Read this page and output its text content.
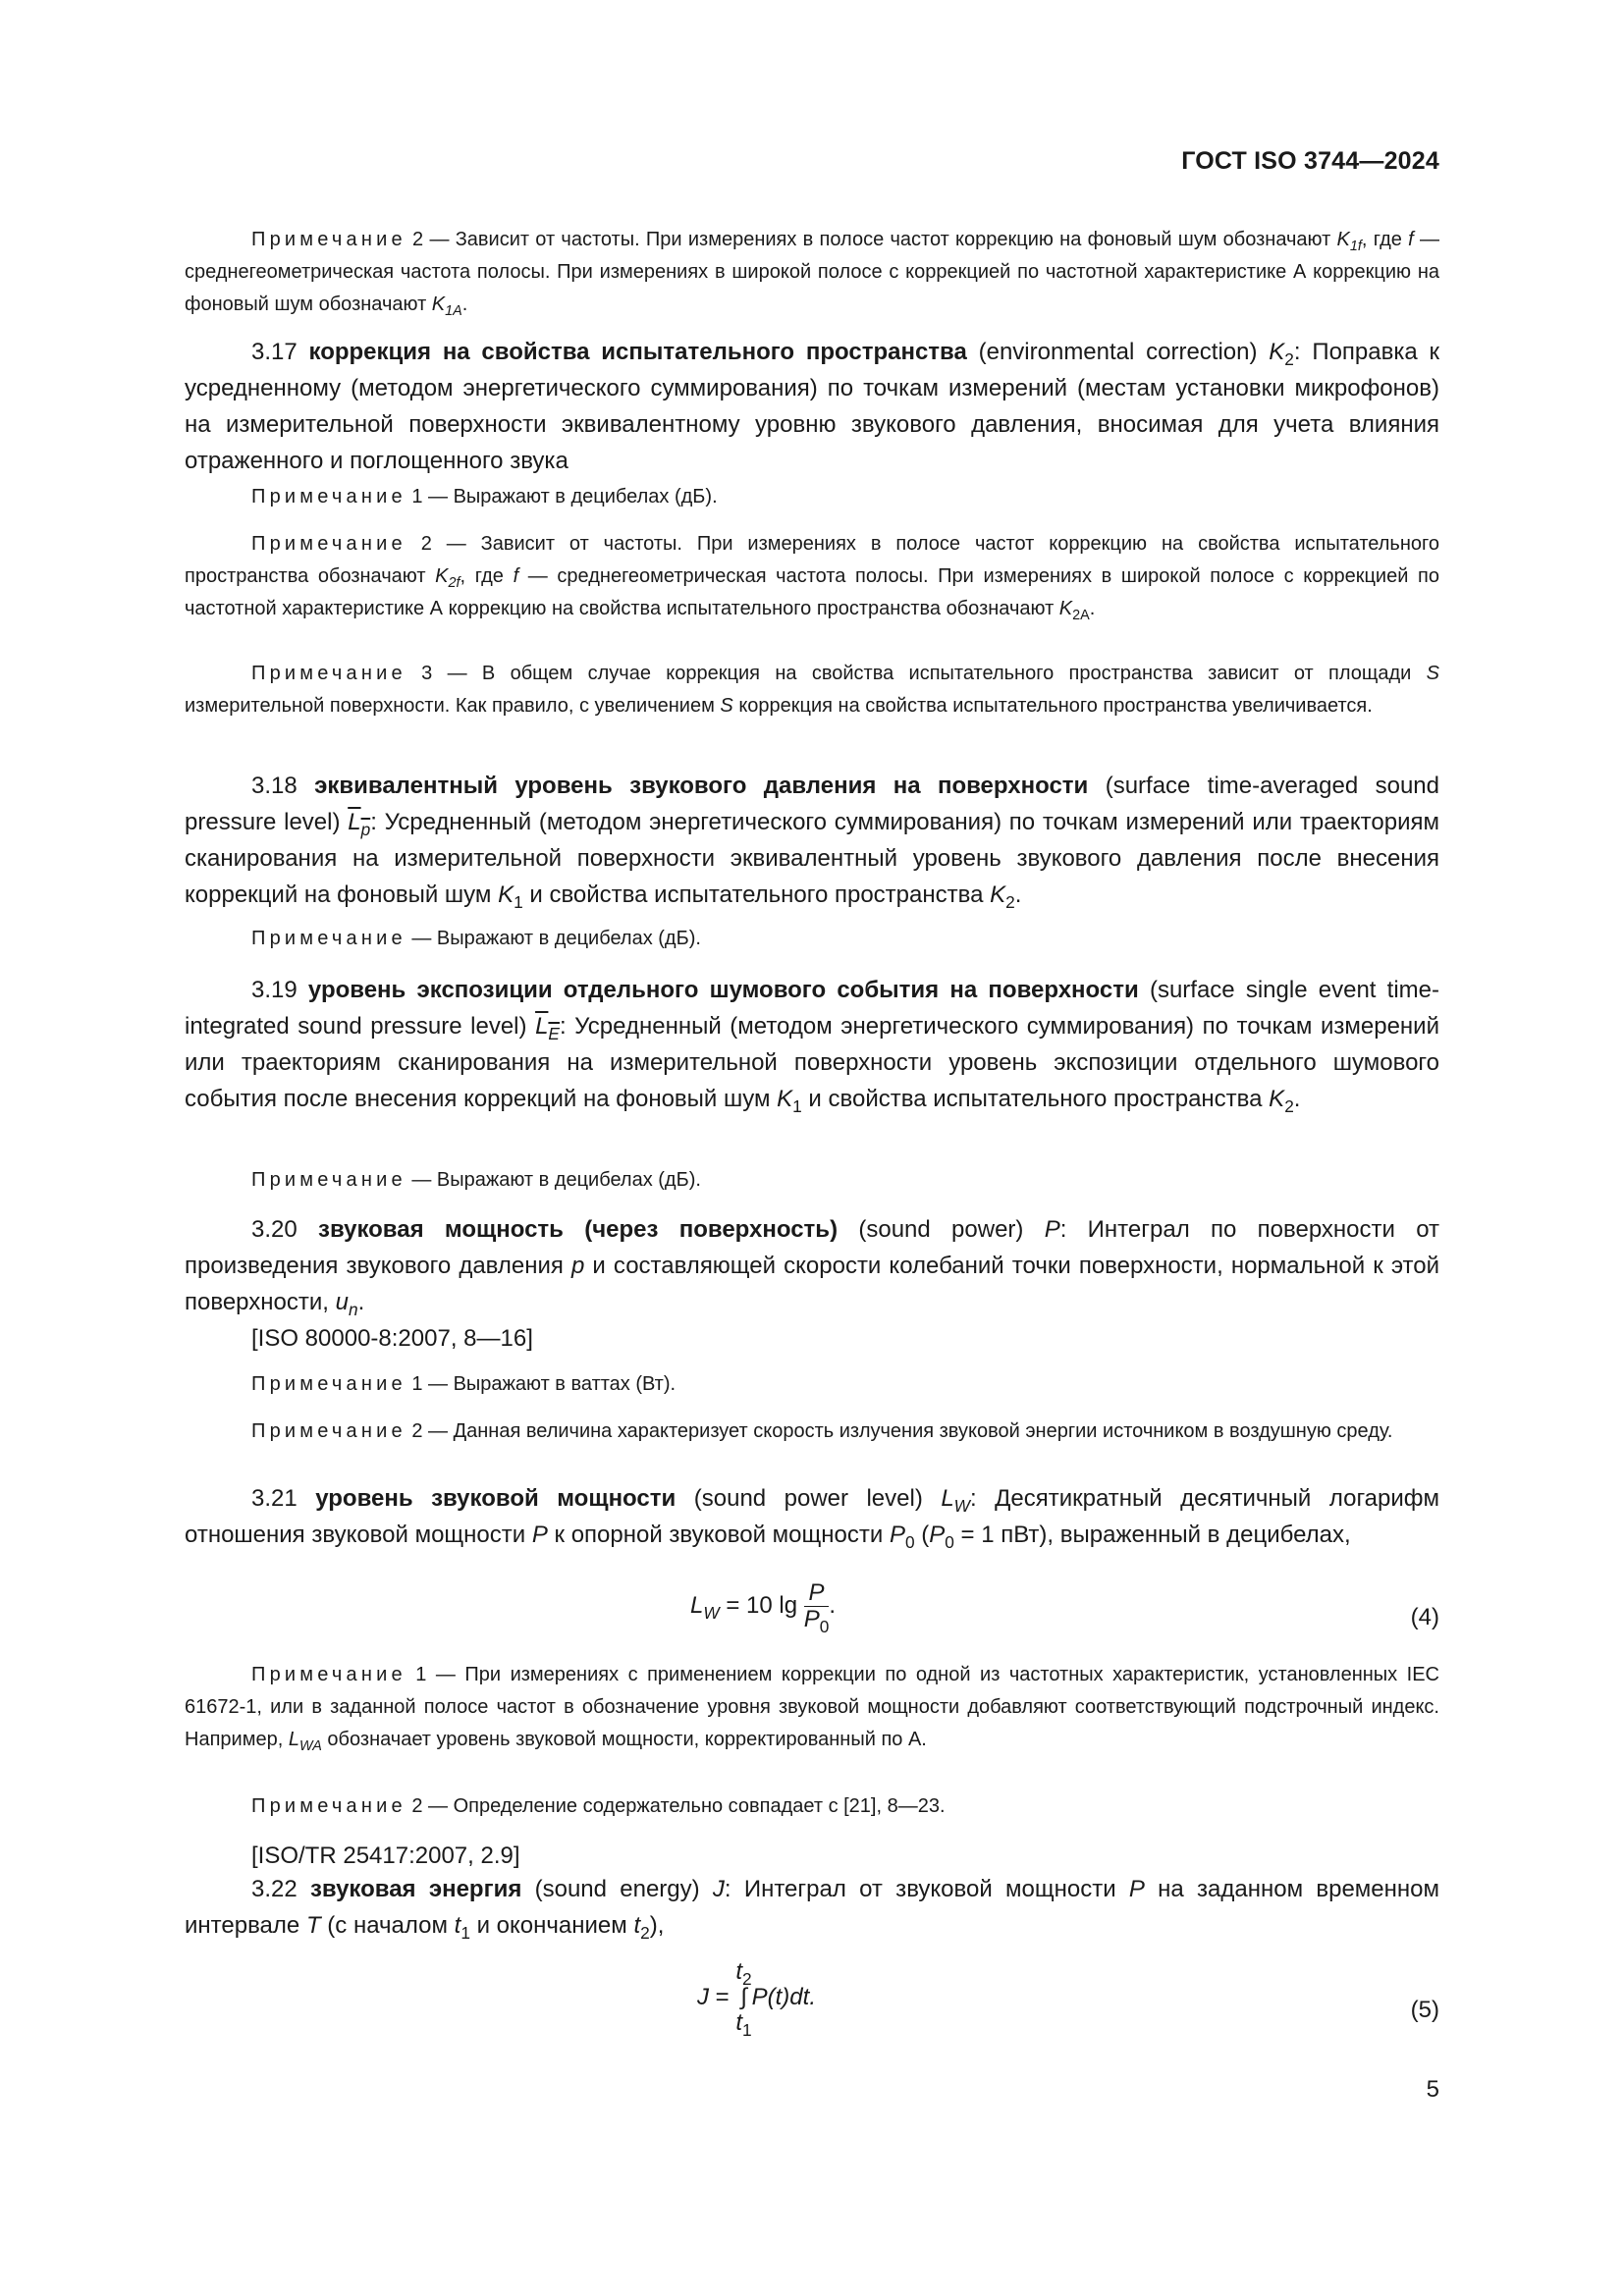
ГОСТ ISO 3744—2024
Примечание 2 — Зависит от частоты. При измерениях в полосе частот коррекцию на фоновый шум обозначают $K_{1f}$, где f — среднегеометрическая частота полосы. При измерениях в широкой полосе с коррекцией по частотной характеристике А коррекцию на фоновый шум обозначают $K_{1A}$.
3.17 коррекция на свойства испытательного пространства (environmental correction) $K_2$: Поправка к усредненному (методом энергетического суммирования) по точкам измерений (местам установки микрофонов) на измерительной поверхности эквивалентному уровню звукового давления, вносимая для учета влияния отраженного и поглощенного звука
Примечание 1 — Выражают в децибелах (дБ).
Примечание 2 — Зависит от частоты. При измерениях в полосе частот коррекцию на свойства испытательного пространства обозначают $K_{2f}$, где f — среднегеометрическая частота полосы. При измерениях в широкой полосе с коррекцией по частотной характеристике А коррекцию на свойства испытательного пространства обозначают $K_{2A}$.
Примечание 3 — В общем случае коррекция на свойства испытательного пространства зависит от площади S измерительной поверхности. Как правило, с увеличением S коррекция на свойства испытательного пространства увеличивается.
3.18 эквивалентный уровень звукового давления на поверхности (surface time-averaged sound pressure level) $L_p$: Усредненный (методом энергетического суммирования) по точкам измерений или траекториям сканирования на измерительной поверхности эквивалентный уровень звукового давления после внесения коррекций на фоновый шум $K_1$ и свойства испытательного пространства $K_2$.
Примечание — Выражают в децибелах (дБ).
3.19 уровень экспозиции отдельного шумового события на поверхности (surface single event time-integrated sound pressure level) $L_E$: Усредненный (методом энергетического суммирования) по точкам измерений или траекториям сканирования на измерительной поверхности уровень экспозиции отдельного шумового события после внесения коррекций на фоновый шум $K_1$ и свойства испытательного пространства $K_2$.
Примечание — Выражают в децибелах (дБ).
3.20 звуковая мощность (через поверхность) (sound power) P: Интеграл по поверхности от произведения звукового давления p и составляющей скорости колебаний точки поверхности, нормальной к этой поверхности, $u_n$.
[ISO 80000-8:2007, 8—16]
Примечание 1 — Выражают в ваттах (Вт).
Примечание 2 — Данная величина характеризует скорость излучения звуковой энергии источником в воздушную среду.
3.21 уровень звуковой мощности (sound power level) $L_W$: Десятикратный десятичный логарифм отношения звуковой мощности P к опорной звуковой мощности $P_0$ ($P_0 = 1$ пВт), выраженный в децибелах,
$L_W = 10$ $\lg \frac{P}{P_0}$ .	(4)
Примечание 1 — При измерениях с применением коррекции по одной из частотных характеристик, установленных IEC 61672-1, или в заданной полосе частот в обозначение уровня звуковой мощности добавляют соответствующий подстрочный индекс. Например, $L_{WA}$ обозначает уровень звуковой мощности, корректированный по А.
Примечание 2 — Определение содержательно совпадает с [21], 8—23.
[ISO/TR 25417:2007, 2.9]
3.22 звуковая энергия (sound energy) J: Интеграл от звуковой мощности P на заданном временном интервале T (с началом $t_1$ и окончанием $t_2$),
J =
$t_2$
∫
$t_1$
P(t)dt.	(5)
5
